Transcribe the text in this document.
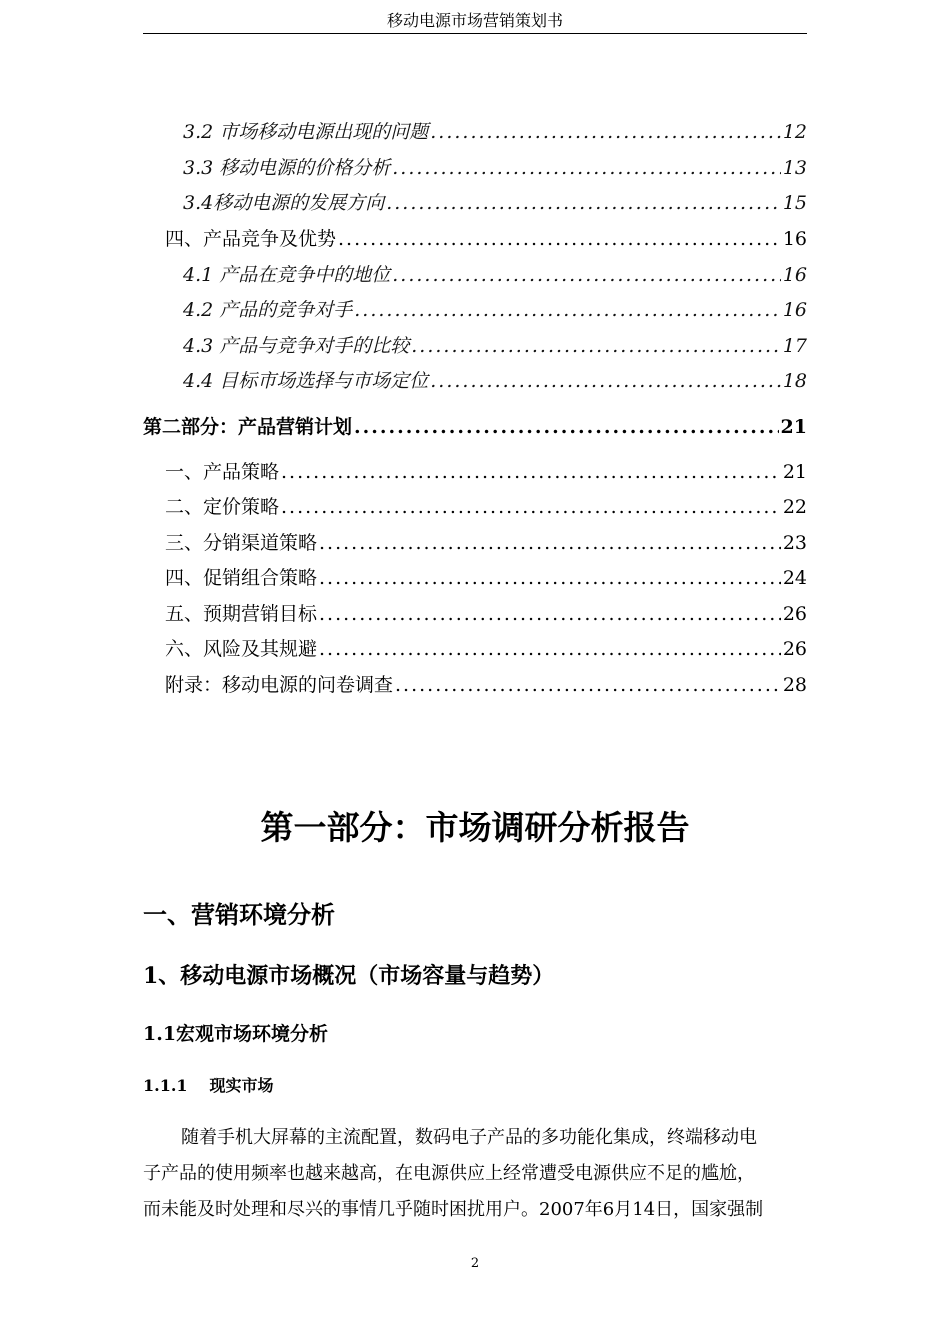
移动电源市场营销策划书
3.2 市场移动电源出现的问题 .....	12
3.3 移动电源的价格分析 .....	13
3.4移动电源的发展方向 .....	15
四、产品竞争及优势 .....	16
4.1 产品在竞争中的地位 .....	16
4.2 产品的竞争对手 .....	16
4.3 产品与竞争对手的比较 .....	17
4.4 目标市场选择与市场定位 .....	18
第二部分：产品营销计划 .....	21
一、产品策略 .....	21
二、定价策略 .....	22
三、分销渠道策略 .....	23
四、促销组合策略 .....	24
五、预期营销目标 .....	26
六、风险及其规避 .....	26
附录：移动电源的问卷调查 .....	28
第一部分：市场调研分析报告
一、营销环境分析
1、移动电源市场概况（市场容量与趋势）
1.1宏观市场环境分析
1.1.1 现实市场
随着手机大屏幕的主流配置，数码电子产品的多功能化集成，终端移动电
子产品的使用频率也越来越高，在电源供应上经常遭受电源供应不足的尴尬，
而未能及时处理和尽兴的事情几乎随时困扰用户。2007年6月14日，国家强制
2
